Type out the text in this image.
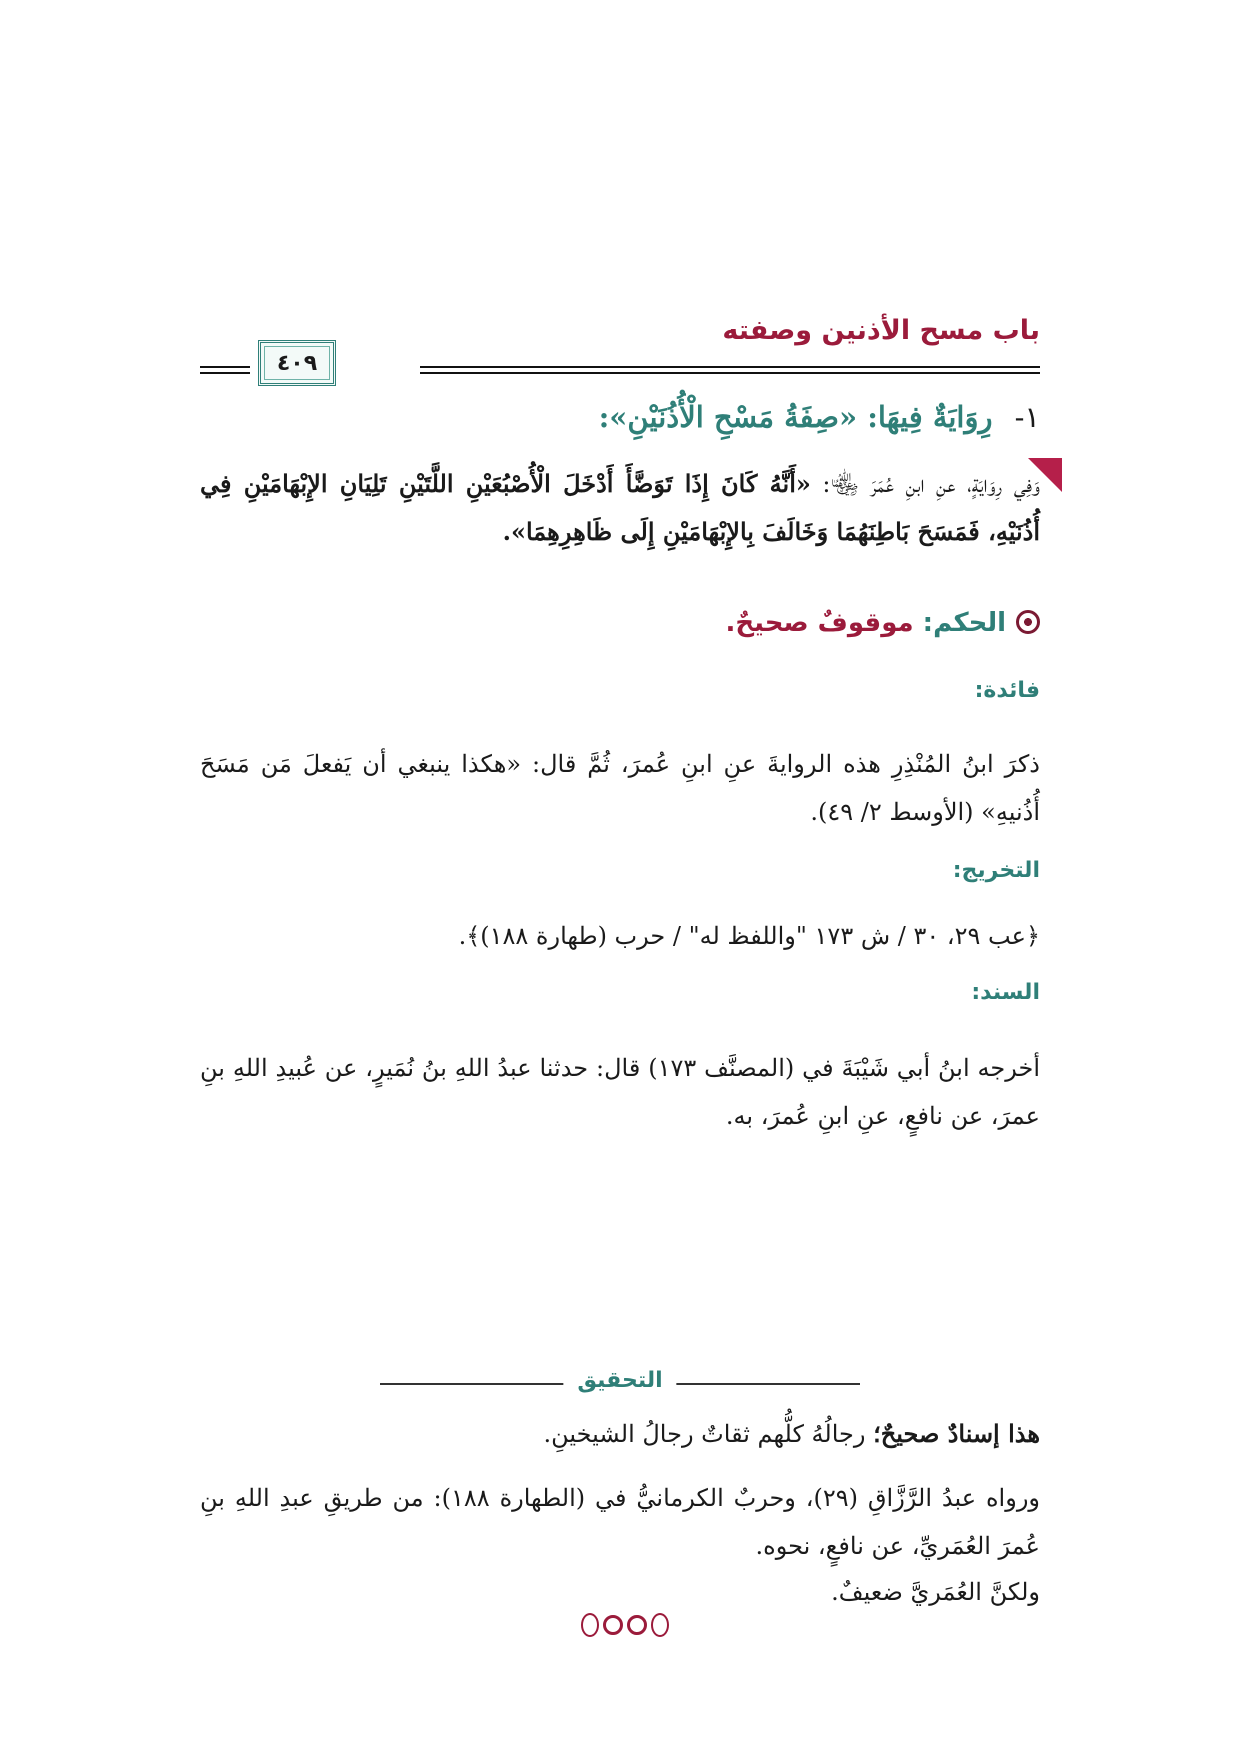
باب مسح الأذنين وصفته
٤٠٩
١- رِوَايَةٌ فِيهَا: «صِفَةُ مَسْحِ الْأُذُنَيْنِ»:
وَفِي رِوَايَةٍ، عنِ ابنِ عُمَرَ ﵄: «أَنَّهُ كَانَ إِذَا تَوَضَّأَ أَدْخَلَ الْأُصْبُعَيْنِ اللَّتَيْنِ تَلِيَانِ الإِبْهَامَيْنِ فِي أُذُنَيْهِ، فَمَسَحَ بَاطِنَهُمَا وَخَالَفَ بِالإِبْهَامَيْنِ إِلَى ظَاهِرِهِمَا».
الحكم: موقوفٌ صحيحٌ.
فائدة:
ذكرَ ابنُ المُنْذِرِ هذه الروايةَ عنِ ابنِ عُمرَ، ثُمَّ قال: «هكذا ينبغي أن يَفعلَ مَن مَسَحَ أُذُنيهِ» (الأوسط ٢/ ٤٩).
التخريج:
﴿عب ٢٩، ٣٠ / ش ١٧٣ "واللفظ له" / حرب (طهارة ١٨٨)﴾.
السند:
أخرجه ابنُ أبي شَيْبَةَ في (المصنَّف ١٧٣) قال: حدثنا عبدُ اللهِ بنُ نُمَيرٍ، عن عُبيدِ اللهِ بنِ عمرَ، عن نافعٍ، عنِ ابنِ عُمرَ، به.
التحقيق
هذا إسنادٌ صحيحٌ؛ رجالُهُ كلُّهم ثقاتٌ رجالُ الشيخينِ.
ورواه عبدُ الرَّزَّاقِ (٢٩)، وحربٌ الكرمانيُّ في (الطهارة ١٨٨): من طريقِ عبدِ اللهِ بنِ عُمرَ العُمَريِّ، عن نافعٍ، نحوه.
ولكنَّ العُمَريَّ ضعيفٌ.
